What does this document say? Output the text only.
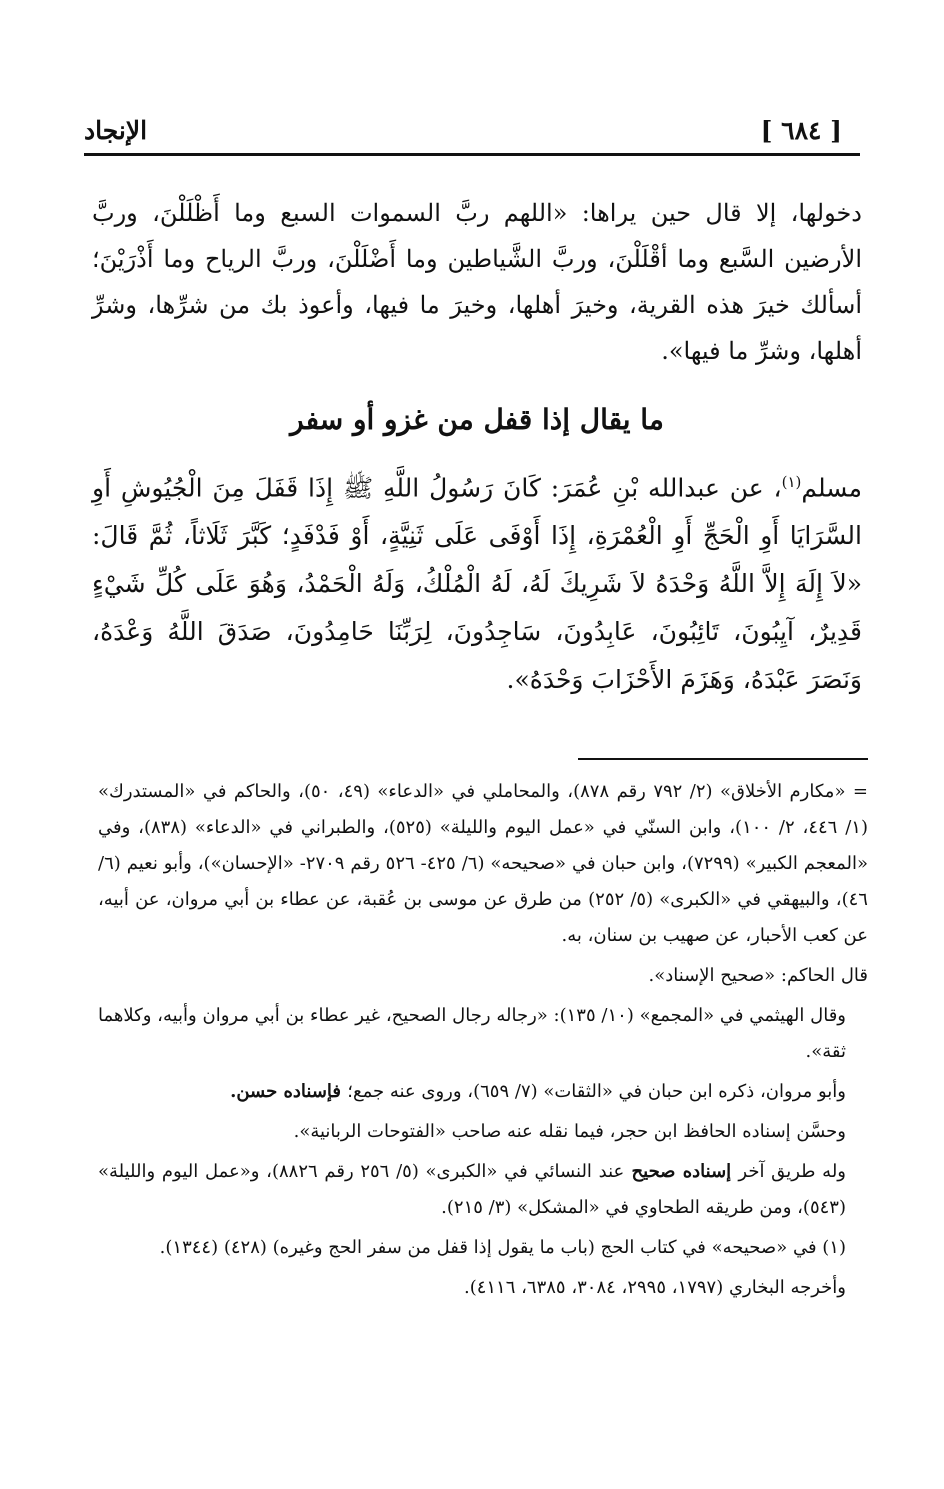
[ ٦٨٤ ]
الإنجاد

دخولها، إلا قال حين يراها: «اللهم ربَّ السموات السبع وما أَظْلَلْنَ، وربَّ الأرضين السَّبع وما أقْلَلْنَ، وربَّ الشَّياطين وما أَضْلَلْنَ، وربَّ الرياح وما أَذْرَيْنَ؛ أسألك خيرَ هذه القرية، وخيرَ أهلها، وخيرَ ما فيها، وأعوذ بك من شرِّها، وشرِّ أهلها، وشرِّ ما فيها».

ما يقال إذا قفل من غزو أو سفر

مسلم$^{(١)}$، عن عبدالله بْنِ عُمَرَ: كَانَ رَسُولُ اللَّهِ ﷺ إِذَا قَفَلَ مِنَ الْجُيُوشِ أَوِ السَّرَايَا أَوِ الْحَجِّ أَوِ الْعُمْرَةِ، إِذَا أَوْفَى عَلَى ثَنِيَّةٍ، أَوْ فَدْفَدٍ؛ كَبَّرَ ثَلَاثاً، ثُمَّ قَالَ: «لاَ إِلَهَ إِلاَّ اللَّهُ وَحْدَهُ لاَ شَرِيكَ لَهُ، لَهُ الْمُلْكُ، وَلَهُ الْحَمْدُ، وَهُوَ عَلَى كُلِّ شَيْءٍ قَدِيرٌ، آيِبُونَ، تَائِبُونَ، عَابِدُونَ، سَاجِدُونَ، لِرَبِّنَا حَامِدُونَ، صَدَقَ اللَّهُ وَعْدَهُ، وَنَصَرَ عَبْدَهُ، وَهَزَمَ الأَحْزَابَ وَحْدَهُ».

= «مكارم الأخلاق» (٢/ ٧٩٢ رقم ٨٧٨)، والمحاملي في «الدعاء» (٤٩، ٥٠)، والحاكم في «المستدرك» (١/ ٤٤٦، ٢/ ١٠٠)، وابن السنّي في «عمل اليوم والليلة» (٥٢٥)، والطبراني في «الدعاء» (٨٣٨)، وفي «المعجم الكبير» (٧٢٩٩)، وابن حبان في «صحيحه» (٦/ ٤٢٥- ٥٢٦ رقم ٢٧٠٩- «الإحسان»)، وأبو نعيم (٦/ ٤٦)، والبيهقي في «الكبرى» (٥/ ٢٥٢) من طرق عن موسى بن عُقبة، عن عطاء بن أبي مروان، عن أبيه، عن كعب الأحبار، عن صهيب بن سنان، به.

قال الحاكم: «صحيح الإسناد».

وقال الهيثمي في «المجمع» (١٠/ ١٣٥): «رجاله رجال الصحيح، غير عطاء بن أبي مروان وأبيه، وكلاهما ثقة».

وأبو مروان، ذكره ابن حبان في «الثقات» (٧/ ٦٥٩)، وروى عنه جمع؛ فإسناده حسن.

وحسَّن إسناده الحافظ ابن حجر، فيما نقله عنه صاحب «الفتوحات الربانية».

وله طريق آخر إسناده صحيح عند النسائي في «الكبرى» (٥/ ٢٥٦ رقم ٨٨٢٦)، و«عمل اليوم والليلة» (٥٤٣)، ومن طريقه الطحاوي في «المشكل» (٣/ ٢١٥).

(١) في «صحيحه» في كتاب الحج (باب ما يقول إذا قفل من سفر الحج وغيره) (٤٢٨) (١٣٤٤).

وأخرجه البخاري (١٧٩٧، ٢٩٩٥، ٣٠٨٤، ٦٣٨٥، ٤١١٦).
